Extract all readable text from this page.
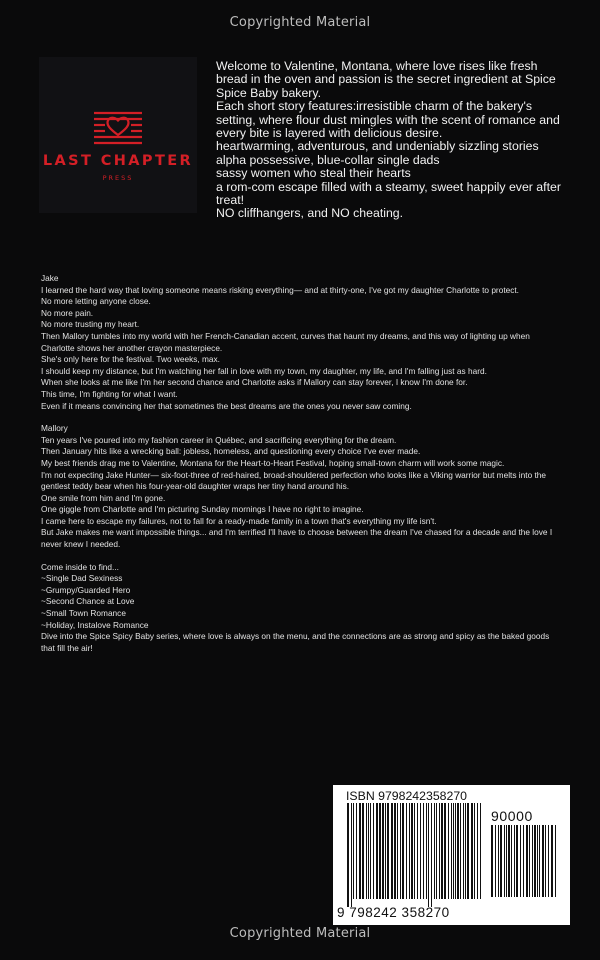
Copyrighted Material
LAST CHAPTER
PRESS

Welcome to Valentine, Montana, where love rises like fresh bread in the oven and passion is the secret ingredient at Spice Spice Baby bakery.

Each short story features:irresistible charm of the bakery's setting, where flour dust mingles with the scent of romance and every bite is layered with delicious desire.

heartwarming, adventurous, and undeniably sizzling stories

alpha possessive, blue-collar single dads

sassy women who steal their hearts

a rom-com escape filled with a steamy, sweet happily ever after treat!

NO cliffhangers, and NO cheating.

Jake

I learned the hard way that loving someone means risking everything— and at thirty-one, I've got my daughter Charlotte to protect.

No more letting anyone close.

No more pain.

No more trusting my heart.

Then Mallory tumbles into my world with her French-Canadian accent, curves that haunt my dreams, and this way of lighting up when Charlotte shows her another crayon masterpiece.

She's only here for the festival. Two weeks, max.

I should keep my distance, but I'm watching her fall in love with my town, my daughter, my life, and I'm falling just as hard.

When she looks at me like I'm her second chance and Charlotte asks if Mallory can stay forever, I know I'm done for.

This time, I'm fighting for what I want.

Even if it means convincing her that sometimes the best dreams are the ones you never saw coming.

Mallory

Ten years I've poured into my fashion career in Québec, and sacrificing everything for the dream.

Then January hits like a wrecking ball: jobless, homeless, and questioning every choice I've ever made.

My best friends drag me to Valentine, Montana for the Heart-to-Heart Festival, hoping small-town charm will work some magic.

I'm not expecting Jake Hunter— six-foot-three of red-haired, broad-shouldered perfection who looks like a Viking warrior but melts into the gentlest teddy bear when his four-year-old daughter wraps her tiny hand around his.

One smile from him and I'm gone.

One giggle from Charlotte and I'm picturing Sunday mornings I have no right to imagine.

I came here to escape my failures, not to fall for a ready-made family in a town that's everything my life isn't.

But Jake makes me want impossible things... and I'm terrified I'll have to choose between the dream I've chased for a decade and the love I never knew I needed.

Come inside to find...

~Single Dad Sexiness

~Grumpy/Guarded Hero

~Second Chance at Love

~Small Town Romance

~Holiday, Instalove Romance

Dive into the Spice Spicy Baby series, where love is always on the menu, and the connections are as strong and spicy as the baked goods that fill the air!

ISBN 9798242358270
90000
9 798242 358270
Copyrighted Material
